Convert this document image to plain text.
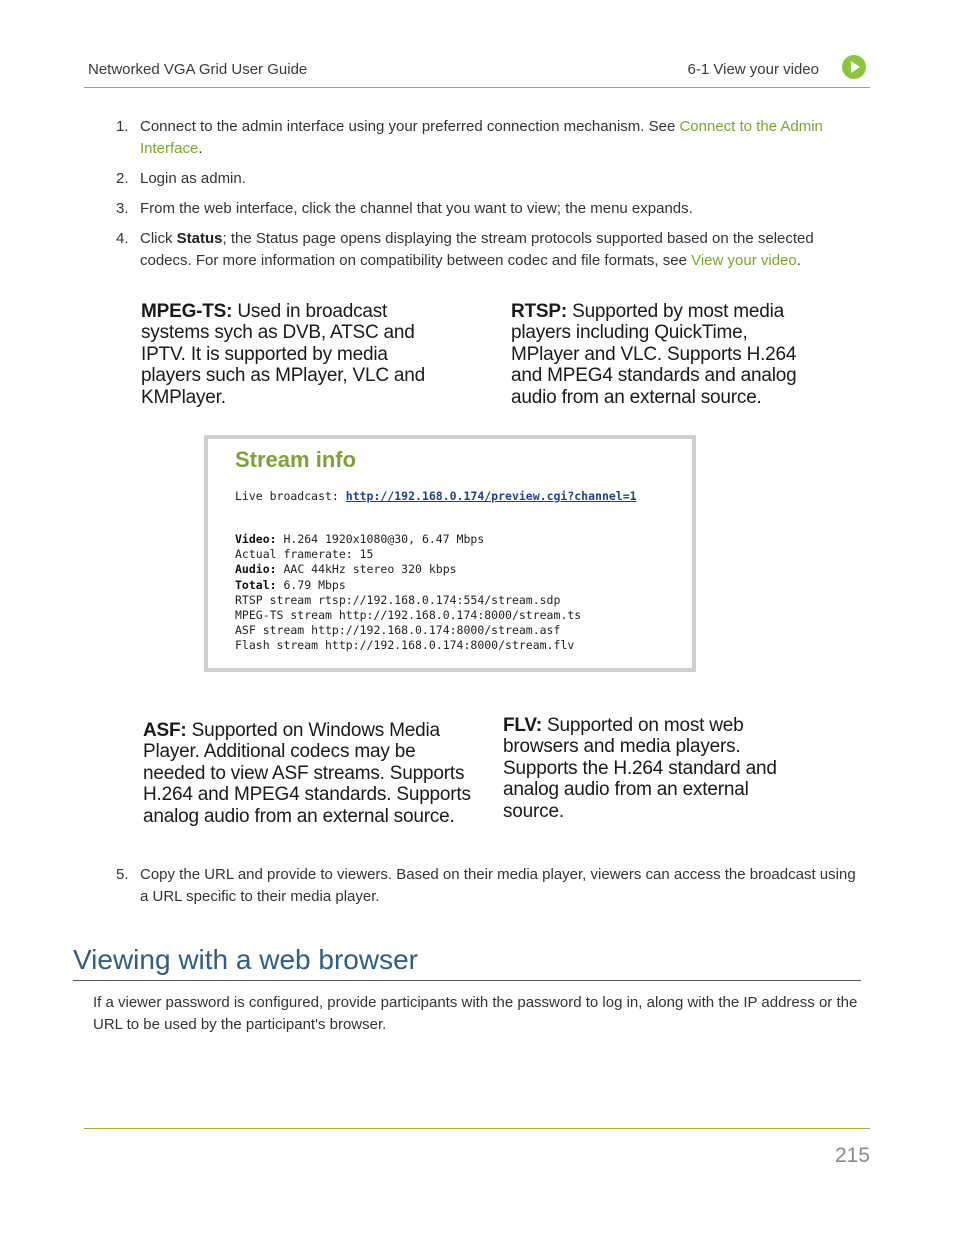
Networked VGA Grid User Guide	6-1 View your video
1. Connect to the admin interface using your preferred connection mechanism. See Connect to the Admin Interface.
2. Login as admin.
3. From the web interface, click the channel that you want to view; the menu expands.
4. Click Status; the Status page opens displaying the stream protocols supported based on the selected codecs. For more information on compatibility between codec and file formats, see View your video.
MPEG-TS: Used in broadcast
systems sych as DVB, ATSC and
IPTV. It is supported by media
players such as MPlayer, VLC and
KMPlayer.
RTSP: Supported by most media
players including QuickTime,
MPlayer and VLC. Supports H.264
and MPEG4 standards and analog
audio from an external source.
Stream info
Live broadcast: http://192.168.0.174/preview.cgi?channel=1
Video: H.264 1920x1080@30, 6.47 Mbps
Actual framerate: 15
Audio: AAC 44kHz stereo 320 kbps
Total: 6.79 Mbps
RTSP stream rtsp://192.168.0.174:554/stream.sdp
MPEG-TS stream http://192.168.0.174:8000/stream.ts
ASF stream http://192.168.0.174:8000/stream.asf
Flash stream http://192.168.0.174:8000/stream.flv
ASF: Supported on Windows Media
Player. Additional codecs may be
needed to view ASF streams. Supports
H.264 and MPEG4 standards. Supports
analog audio from an external source.
FLV: Supported on most web
browsers and media players.
Supports the H.264 standard and
analog audio from an external
source.
5. Copy the URL and provide to viewers. Based on their media player, viewers can access the broadcast using a URL specific to their media player.
Viewing with a web browser
If a viewer password is configured, provide participants with the password to log in, along with the IP address or the URL to be used by the participant's browser.
215
